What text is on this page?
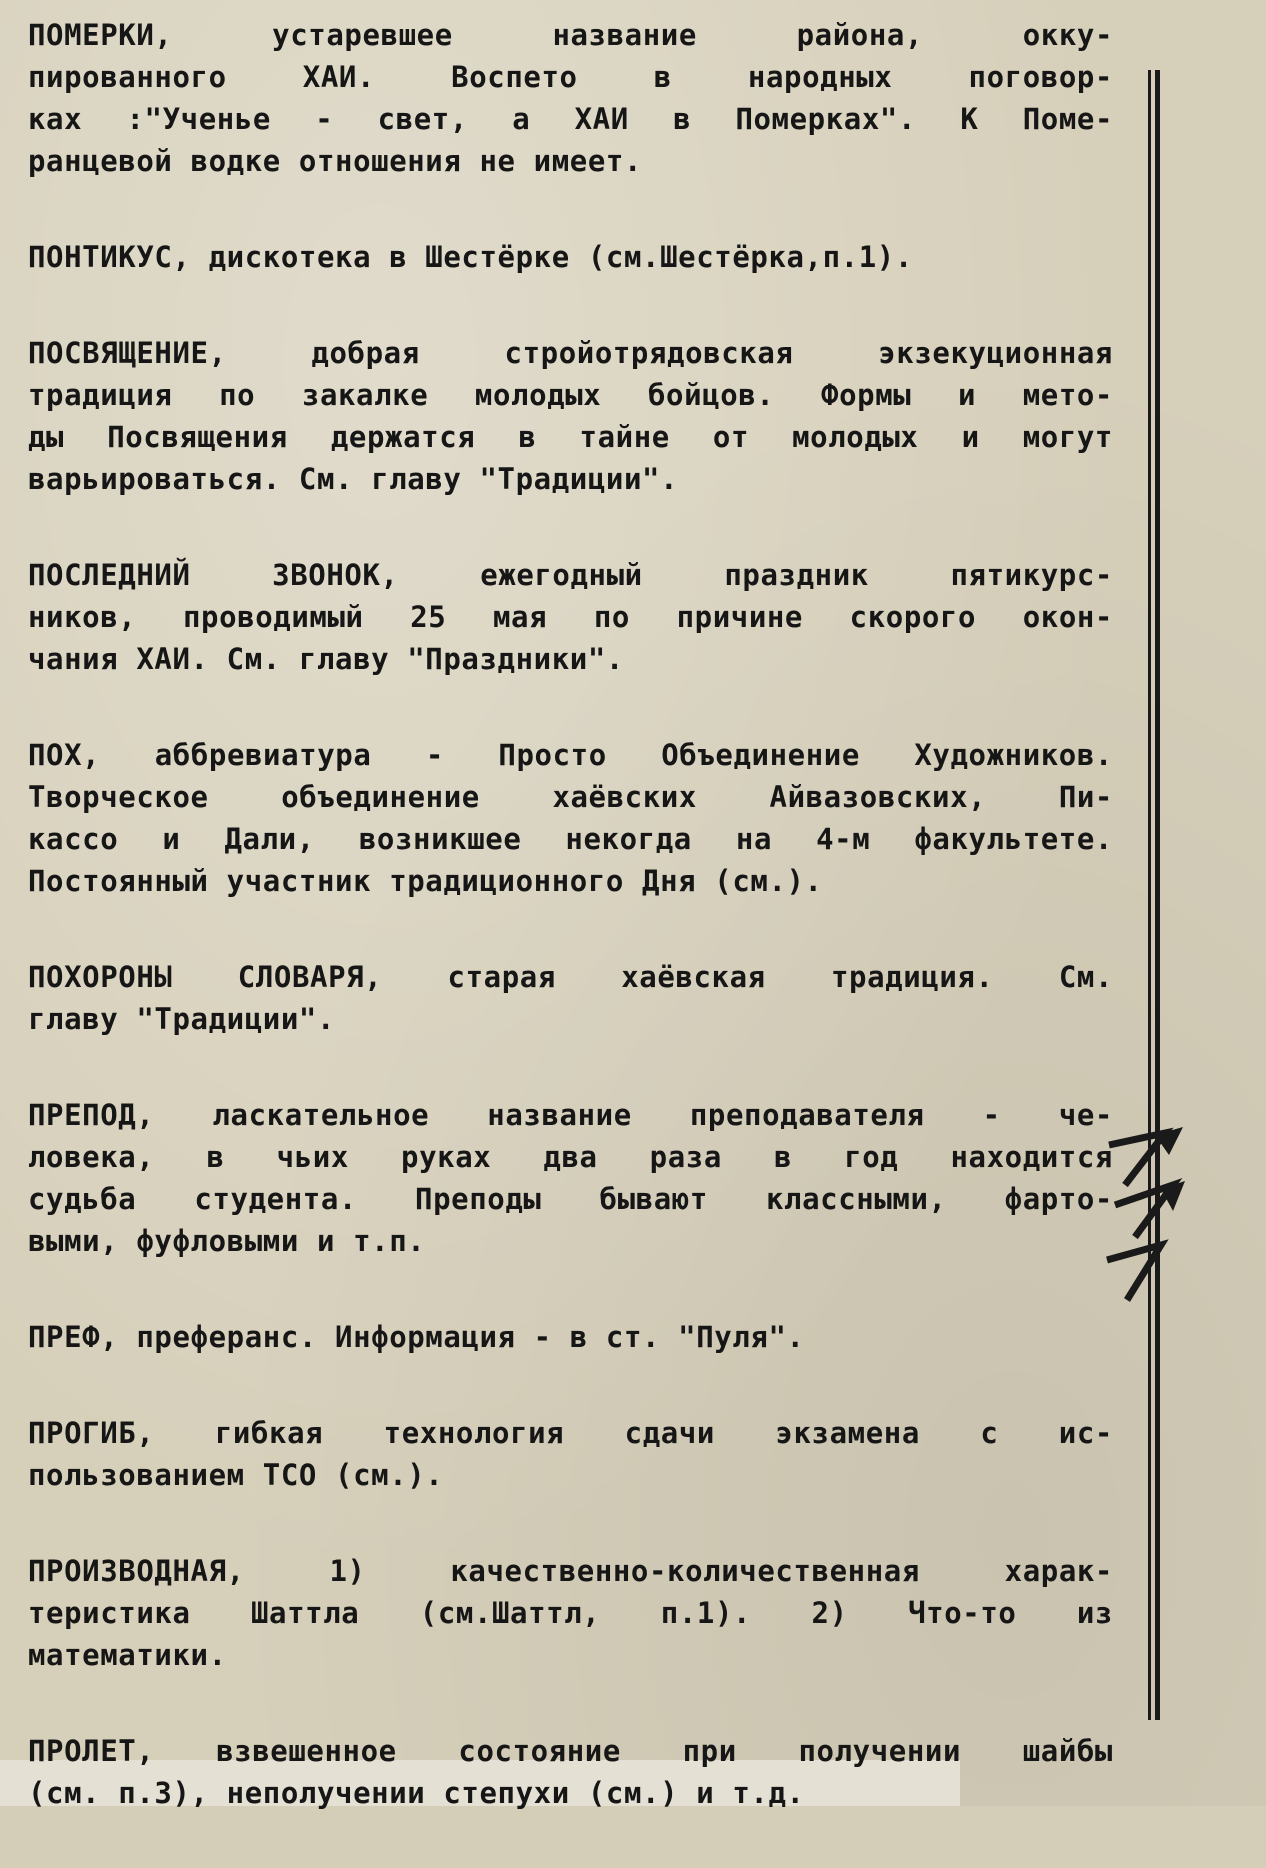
ПОМЕРКИ, устаревшее название района, окку-
пированного ХАИ. Воспето в народных поговор-
ках :"Ученье - свет, а ХАИ в Померках". К Поме-
ранцевой водке отношения не имеет.
ПОНТИКУС, дискотека в Шестёрке (см.Шестёрка,п.1).
ПОСВЯЩЕНИЕ, добрая стройотрядовская экзекуционная
традиция по закалке молодых бойцов. Формы и мето-
ды Посвящения держатся в тайне от молодых и могут
варьироваться. См. главу "Традиции".
ПОСЛЕДНИЙ ЗВОНОК, ежегодный праздник пятикурс-
ников, проводимый 25 мая по причине скорого окон-
чания ХАИ. См. главу "Праздники".
ПОХ, аббревиатура - Просто Объединение Художников.
Творческое объединение хаёвских Айвазовских, Пи-
кассо и Дали, возникшее некогда на 4-м факультете.
Постоянный участник традиционного Дня (см.).
ПОХОРОНЫ СЛОВАРЯ, старая хаёвская традиция. См.
главу "Традиции".
ПРЕПОД, ласкательное название преподавателя - че-
ловека, в чьих руках два раза в год находится
судьба студента. Преподы бывают классными, фарто-
выми, фуфловыми и т.п.
ПРЕФ, преферанс. Информация - в ст. "Пуля".
ПРОГИБ, гибкая технология сдачи экзамена с ис-
пользованием ТСО (см.).
ПРОИЗВОДНАЯ, 1) качественно-количественная харак-
теристика Шаттла (см.Шаттл, п.1). 2) Что-то из
математики.
ПРОЛЕТ, взвешенное состояние при получении шайбы
(см. п.3), неполучении степухи (см.) и т.д.
